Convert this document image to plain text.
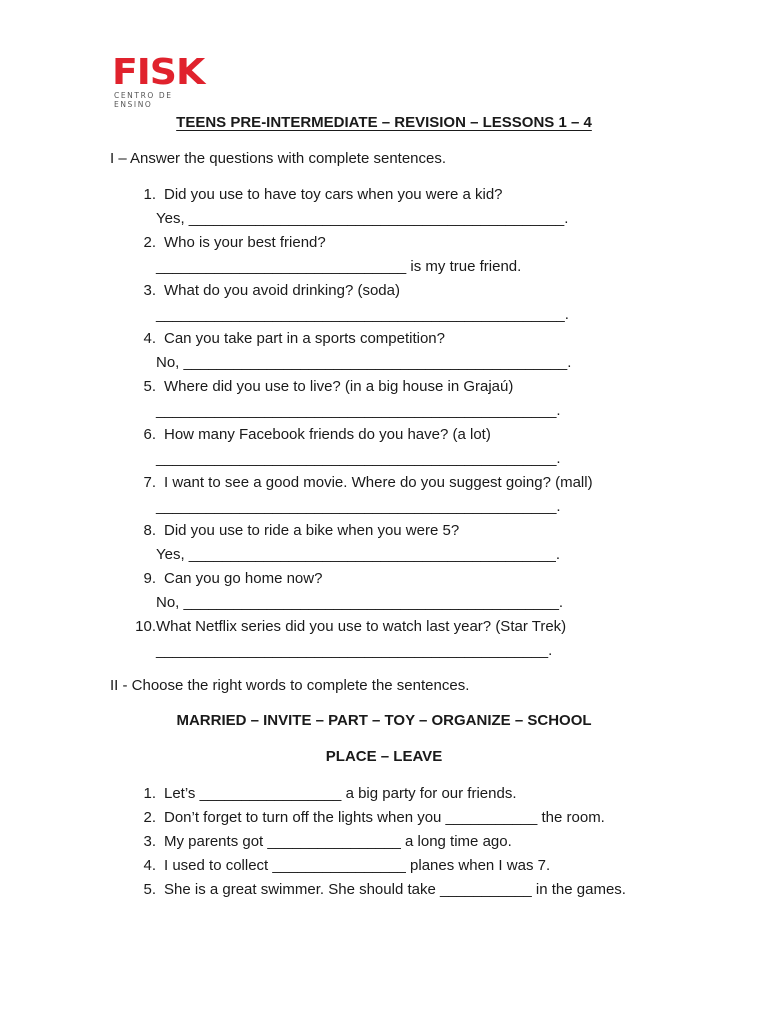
FISK
CENTRO DE ENSINO
TEENS PRE-INTERMEDIATE – REVISION – LESSONS 1 – 4
I – Answer the questions with complete sentences.
1. Did you use to have toy cars when you were a kid?
Yes, _____________________________________________.
2. Who is your best friend?
______________________________ is my true friend.
3. What do you avoid drinking? (soda)
_________________________________________________.
4. Can you take part in a sports competition?
No, ______________________________________________.
5. Where did you use to live? (in a big house in Grajaú)
________________________________________________.
6. How many Facebook friends do you have? (a lot)
________________________________________________.
7. I want to see a good movie. Where do you suggest going? (mall)
________________________________________________.
8. Did you use to ride a bike when you were 5?
Yes, ____________________________________________.
9. Can you go home now?
No, _____________________________________________.
10.What Netflix series did you use to watch last year? (Star Trek)
_______________________________________________.
II - Choose the right words to complete the sentences.
MARRIED – INVITE – PART – TOY – ORGANIZE – SCHOOL
PLACE – LEAVE
1. Let’s _________________ a big party for our friends.
2. Don’t forget to turn off the lights when you ___________ the room.
3. My parents got ________________ a long time ago.
4. I used to collect ________________ planes when I was 7.
5. She is a great swimmer. She should take ___________ in the games.
